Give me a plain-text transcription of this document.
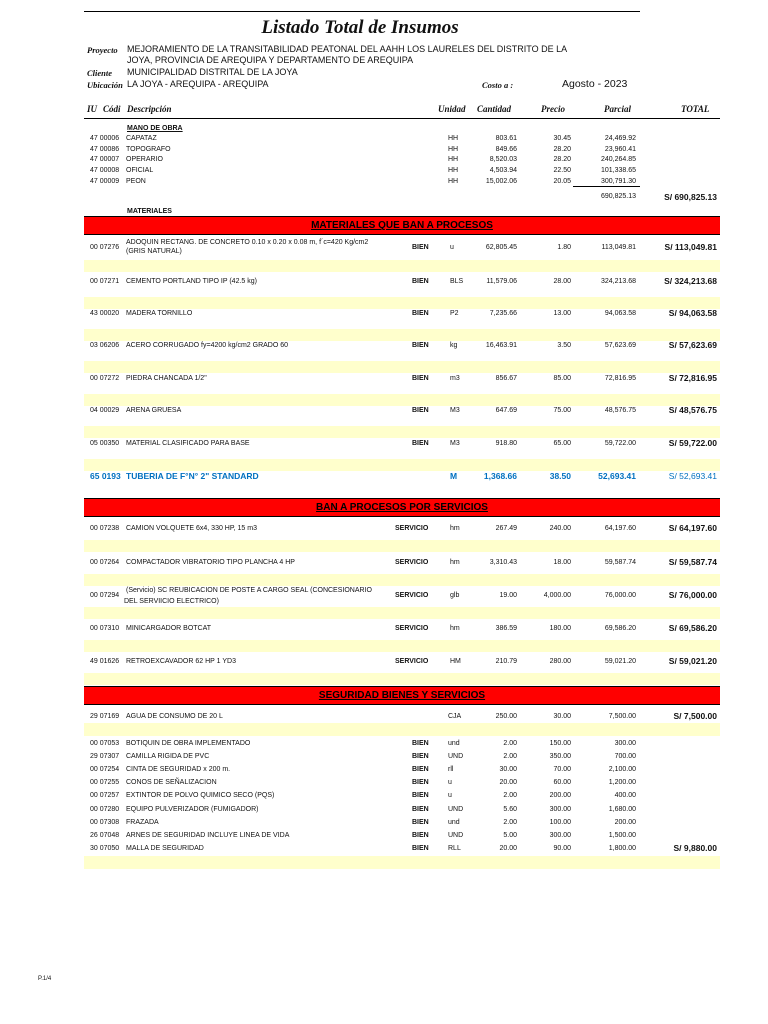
Listado Total de Insumos
Proyecto MEJORAMIENTO DE LA TRANSITABILIDAD PEATONAL DEL AAHH LOS LAURELES DEL DISTRITO DE LA
JOYA, PROVINCIA DE AREQUIPA Y DEPARTAMENTO DE AREQUIPA
Cliente MUNICIPALIDAD DISTRITAL DE LA JOYA
Ubicación LA JOYA - AREQUIPA - AREQUIPA	Costo a :	Agosto - 2023
IU Códi Descripción	Unidad Cantidad	Precio	Parcial	TOTAL
MANO DE OBRA
47 00006 CAPATAZ	HH	803.61	30.45	24,469.92
47 00086 TOPOGRAFO	HH	849.66	28.20	23,960.41
47 00007 OPERARIO	HH	8,520.03	28.20	240,264.85
47 00008 OFICIAL	HH	4,503.94	22.50	101,338.65
47 00009 PEON	HH	15,002.06	20.05	300,791.30
690,825.13	S/ 690,825.13
MATERIALES
MATERIALES QUE BAN A PROCESOS
00 07276
ADOQUIN RECTANG. DE CONCRETO 0.10 x 0.20 x 0.08 m, f´c=420 Kg/cm2
(GRIS NATURAL)
BIEN	u	62,805.45	1.80	113,049.81	S/ 113,049.81
00 07271 CEMENTO PORTLAND TIPO IP (42.5 kg)	BIEN	BLS	11,579.06	28.00	324,213.68	S/ 324,213.68
43 00020 MADERA TORNILLO	BIEN	P2	7,235.66	13.00	94,063.58	S/ 94,063.58
03 06206 ACERO CORRUGADO fy=4200 kg/cm2 GRADO 60	BIEN	kg	16,463.91	3.50	57,623.69	S/ 57,623.69
00 07272 PIEDRA CHANCADA 1/2"	BIEN	m3	856.67	85.00	72,816.95	S/ 72,816.95
04 00029 ARENA GRUESA	BIEN	M3	647.69	75.00	48,576.75	S/ 48,576.75
05 00350 MATERIAL CLASIFICADO PARA BASE	BIEN	M3	918.80	65.00	59,722.00	S/ 59,722.00
65 0193 TUBERIA DE F°N° 2" STANDARD	M	1,368.66	38.50	52,693.41	S/ 52,693.41
BAN A PROCESOS POR SERVICIOS
00 07238 CAMION VOLQUETE 6x4, 330 HP, 15 m3	SERVICIO	hm	267.49	240.00	64,197.60	S/ 64,197.60
00 07264 COMPACTADOR VIBRATORIO TIPO PLANCHA 4 HP	SERVICIO	hm	3,310.43	18.00	59,587.74	S/ 59,587.74
00 07294
(Servicio) SC REUBICACION DE POSTE A CARGO SEAL (CONCESIONARIO
DEL SERVIICIO ELECTRICO)
SERVICIO	glb	19.00	4,000.00	76,000.00	S/ 76,000.00
00 07310 MINICARGADOR BOTCAT	SERVICIO	hm	386.59	180.00	69,586.20	S/ 69,586.20
49 01626 RETROEXCAVADOR 62 HP 1 YD3	SERVICIO	HM	210.79	280.00	59,021.20	S/ 59,021.20
SEGURIDAD BIENES Y SERVICIOS
29 07169 AGUA DE CONSUMO DE 20 L	CJA	250.00	30.00	7,500.00	S/ 7,500.00
00 07053 BOTIQUIN DE OBRA IMPLEMENTADO	BIEN	und	2.00	150.00	300.00
29 07307 CAMILLA RIGIDA DE PVC	BIEN	UND	2.00	350.00	700.00
00 07254 CINTA DE SEGURIDAD x 200 m.	BIEN	rll	30.00	70.00	2,100.00
00 07255 CONOS DE SEÑALIZACION	BIEN	u	20.00	60.00	1,200.00
00 07257 EXTINTOR DE POLVO QUIMICO SECO (PQS)	BIEN	u	2.00	200.00	400.00
00 07280 EQUIPO PULVERIZADOR (FUMIGADOR)	BIEN	UND	5.60	300.00	1,680.00
00 07308 FRAZADA	BIEN	und	2.00	100.00	200.00
26 07048 ARNES DE SEGURIDAD INCLUYE LINEA DE VIDA	BIEN	UND	5.00	300.00	1,500.00
30 07050 MALLA DE SEGURIDAD	BIEN	RLL	20.00	90.00	1,800.00	S/ 9,880.00
P.1/4
